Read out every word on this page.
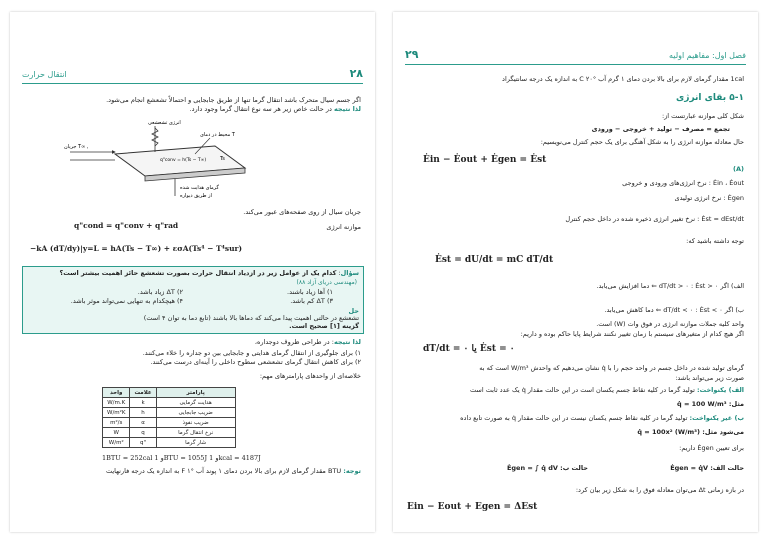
۲۸
انتقال حرارت
اگر جسم سیال متحرک باشد انتقال گرما تنها از طریق جابجایی و احتمالاً تشعشع انجام می‌شود.
لذا نتیجه در حالت خاص زیر هر سه نوع انتقال گرما وجود دارد.
انرژی تشعشعی
محیط در دمای T
جریان T∞ ,
q"conv = h(Ts − T∞)	Ts
گرمای هدایت شده
از طریق دیواره
جریان سیال از روی صفحه‌های عبور می‌کند.
موازنه انرژی
q"cond = q"conv + q"rad
−kA (dT/dy)|y=L = hA(Ts − T∞) + εσA(Ts⁴ − T⁴sur)
سؤال: کدام یک از عوامل زیر در ازدیاد انتقال حرارت بصورت تشعشع حائز اهمیت بیشتر است؟
(مهندسی دریای آزاد ۸۸)
۱) آها زیاد باشند.
۲) ΔT زیاد باشد.
۳) ΔT کم باشد.
۴) هیچکدام به تنهایی نمی‌تواند موثر باشد.
حل
تشعشع در حالتی اهمیت پیدا می‌کند که دماها بالا باشند (تابع دما به توان ۴ است)
گزینه [۱] صحیح است.
لذا نتیجه: در طراحی ظروف دوجداره،
۱) برای جلوگیری از انتقال گرمای هدایتی و جابجایی بین دو جداره را خلاء می‌کنند.
۲) برای کاهش انتقال گرمای تشعشعی سطوح داخلی را آینه‌ای درست می‌کنند.
خلاصه‌ای از واحدهای پارامترهای مهم:
واحد	علامت	پارامتر
W/m.K	k	هدایت گرمایی
W/m²K	h	ضریب جابجایی
m²/s	α	ضریب نفوذ
W	q	نرخ انتقال گرما
W/m²	q"	شار گرما
1BTU = 252cal و 1BTU = 1055J و 1kcal = 4187J
توجه: BTU مقدار گرمای لازم برای بالا بردن دمای ۱ پوند آب °F ۱ به اندازه یک درجه فارنهایت
۲۹	فصل اول: مفاهیم اولیه
1cal مقدار گرمای لازم برای بالا بردن دمای ۱ گرم آب °C ۲۰ به اندازه یک درجه سانتیگراد
۵-۱ بقای انرژی
شکل کلی موازنه عبارتست از:
تجمع = مصرف − تولید + خروجی − ورودی
حال معادله موازنه انرژی را به شکل آهنگی برای یک حجم کنترل می‌نویسیم:
Ėin − Ėout + Ėgen = Ėst
(A)
Ėin ، Ėout : نرخ انرژی‌های ورودی و خروجی
Ėgen : نرخ انرژی تولیدی
Ėst = dEst/dt : نرخ تغییر انرژی ذخیره شده در داخل حجم کنترل
توجه داشته باشید که:
Ėst = dU/dt = mC dT/dt
الف) اگر dT/dt > ۰ : Ėst > ۰ ⇐ دما افزایش می‌یابد.
ب) اگر dT/dt < ۰ : Ėst < ۰ ⇐ دما کاهش می‌یابد.
واحد کلیه جملات موازنه انرژی در فوق وات (W) است.
اگر هیچ کدام از متغیرهای سیستم با زمان تغییر نکنند شرایط پایا حاکم بوده و داریم:
dT/dt = ۰ یا Ėst = ۰
گرمای تولید شده در داخل جسم در واحد حجم را با q̇ نشان می‌دهیم که واحدش W/m³ است که به
صورت زیر می‌تواند باشد:
الف) یکنواخت: تولید گرما در کلیه نقاط جسم یکسان است در این حالت مقدار q̇ یک عدد ثابت است
مثل: q̇ = 100 W/m³
ب) غیر یکنواخت: تولید گرما در کلیه نقاط جسم یکسان نیست در این حالت مقدار q̇ به صورت تابع داده
می‌شود مثل: q̇ = 100x² (W/m³)
برای تعیین Ėgen داریم:
حالت الف: Ėgen = q̇V
حالت ب: Ėgen = ∫ q̇ dV
در بازه زمانی Δt می‌توان معادله فوق را به شکل زیر بیان کرد:
Ein − Eout + Egen = ΔEst
